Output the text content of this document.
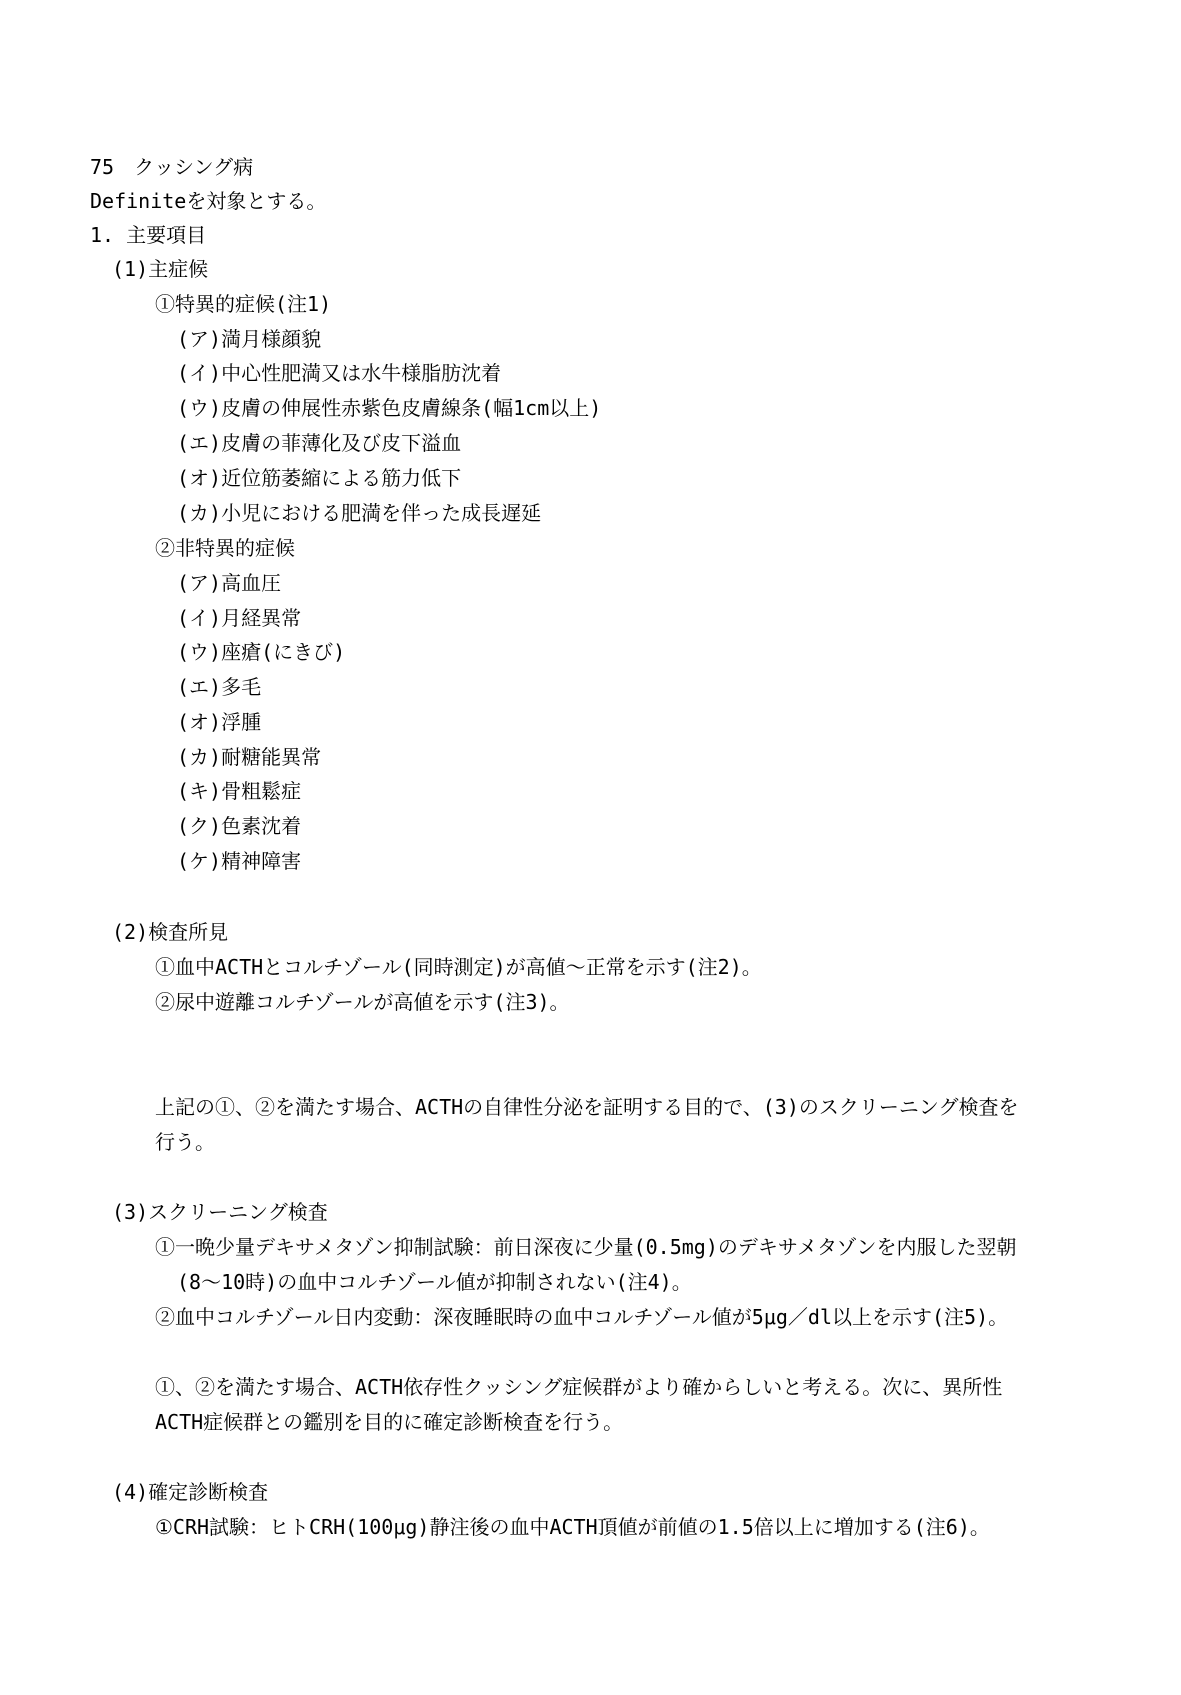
75　クッシング病
Definiteを対象とする。
1. 主要項目
(1)主症候
①特異的症候(注1)
(ア)満月様顔貌
(イ)中心性肥満又は水牛様脂肪沈着
(ウ)皮膚の伸展性赤紫色皮膚線条(幅1cm以上)
(エ)皮膚の菲薄化及び皮下溢血
(オ)近位筋萎縮による筋力低下
(カ)小児における肥満を伴った成長遅延
②非特異的症候
(ア)高血圧
(イ)月経異常
(ウ)座瘡(にきび)
(エ)多毛
(オ)浮腫
(カ)耐糖能異常
(キ)骨粗鬆症
(ク)色素沈着
(ケ)精神障害
(2)検査所見
①血中ACTHとコルチゾール(同時測定)が高値～正常を示す(注2)。
②尿中遊離コルチゾールが高値を示す(注3)。
上記の①、②を満たす場合、ACTHの自律性分泌を証明する目的で、(3)のスクリーニング検査を
行う。
(3)スクリーニング検査
①一晩少量デキサメタゾン抑制試験：前日深夜に少量(0.5mg)のデキサメタゾンを内服した翌朝
(8～10時)の血中コルチゾール値が抑制されない(注4)。
②血中コルチゾール日内変動：深夜睡眠時の血中コルチゾール値が5μg／dl以上を示す(注5)。
①、②を満たす場合、ACTH依存性クッシング症候群がより確からしいと考える。次に、異所性
ACTH症候群との鑑別を目的に確定診断検査を行う。
(4)確定診断検査
①CRH試験：ヒトCRH(100μg)静注後の血中ACTH頂値が前値の1.5倍以上に増加する(注6)。
